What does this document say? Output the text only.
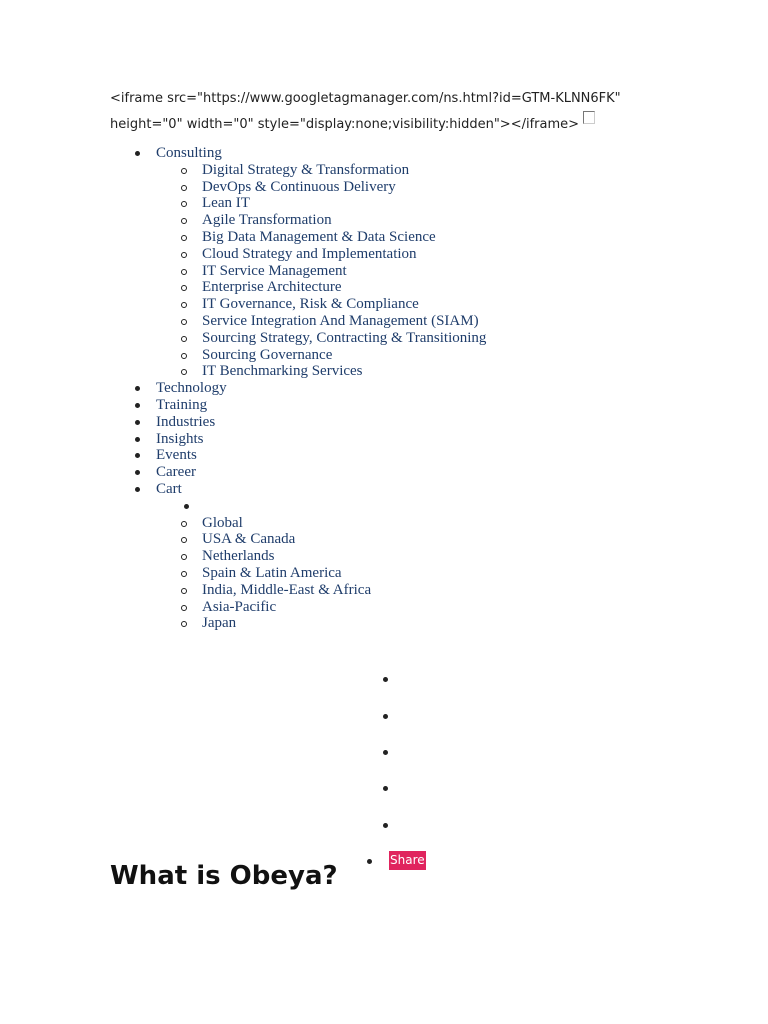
<iframe src="https://www.googletagmanager.com/ns.html?id=GTM-KLNN6FK"
height="0" width="0" style="display:none;visibility:hidden"></iframe>
Consulting
Digital Strategy & Transformation
DevOps & Continuous Delivery
Lean IT
Agile Transformation
Big Data Management & Data Science
Cloud Strategy and Implementation
IT Service Management
Enterprise Architecture
IT Governance, Risk & Compliance
Service Integration And Management (SIAM)
Sourcing Strategy, Contracting & Transitioning
Sourcing Governance
IT Benchmarking Services
Technology
Training
Industries
Insights
Events
Career
Cart
Global
USA & Canada
Netherlands
Spain & Latin America
India, Middle-East & Africa
Asia-Pacific
Japan
Share
What is Obeya?
